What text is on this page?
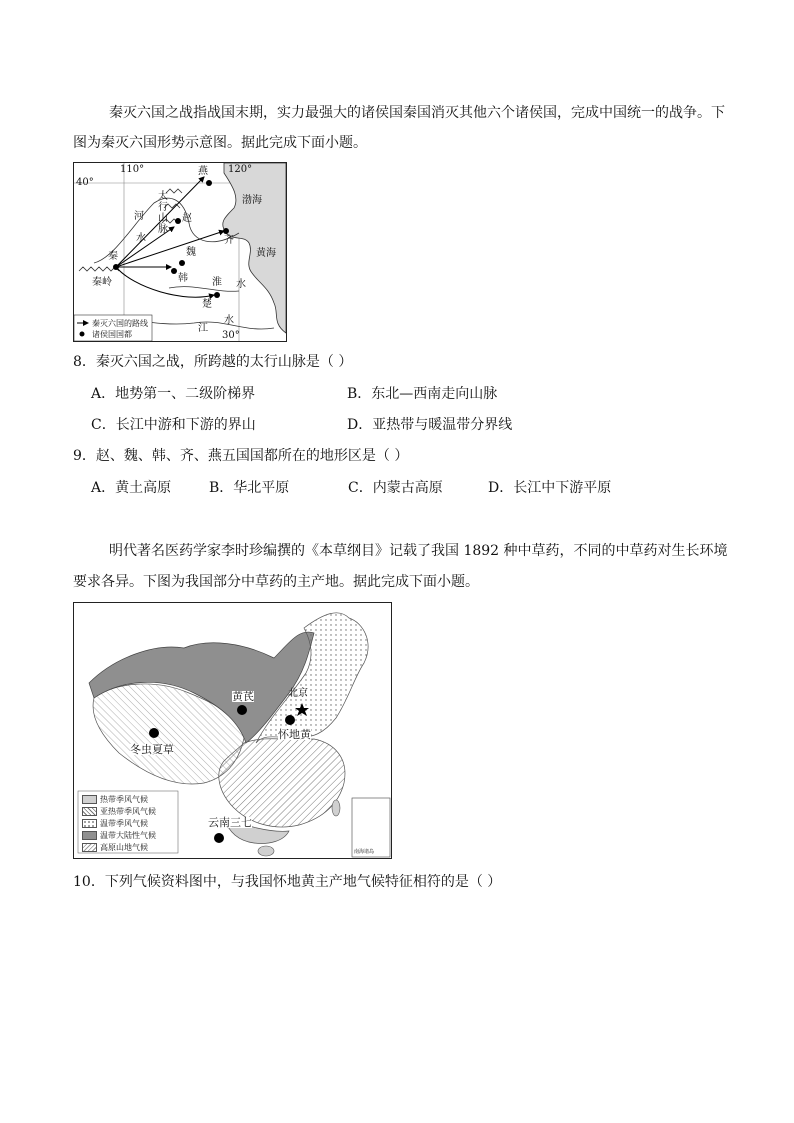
秦灭六国之战指战国末期，实力最强大的诸侯国秦国消灭其他六个诸侯国，完成中国统一的战争。下
图为秦灭六国形势示意图。据此完成下面小题。
110°	120°
40°
30°
燕
太行山脉
赵
齐
魏
韩
楚
秦
河
水
秦岭
渤海
黄海
淮 水
江
水
秦灭六国的路线
诸侯国国都
8．秦灭六国之战，所跨越的太行山脉是（ ）
A．地势第一、二级阶梯界	B．东北—西南走向山脉
C．长江中游和下游的界山	D．亚热带与暖温带分界线
9．赵、魏、韩、齐、燕五国国都所在的地形区是（ ）
A．黄土高原	B．华北平原	C．内蒙古高原	D．长江中下游平原
明代著名医药学家李时珍编撰的《本草纲目》记载了我国 1892 种中草药，不同的中草药对生长环境
要求各异。下图为我国部分中草药的主产地。据此完成下面小题。
黄芪	北京
怀地黄
冬虫夏草
云南三七
南海诸岛
热带季风气候
亚热带季风气候
温带季风气候
温带大陆性气候
高原山地气候
10．下列气候资料图中，与我国怀地黄主产地气候特征相符的是（ ）
